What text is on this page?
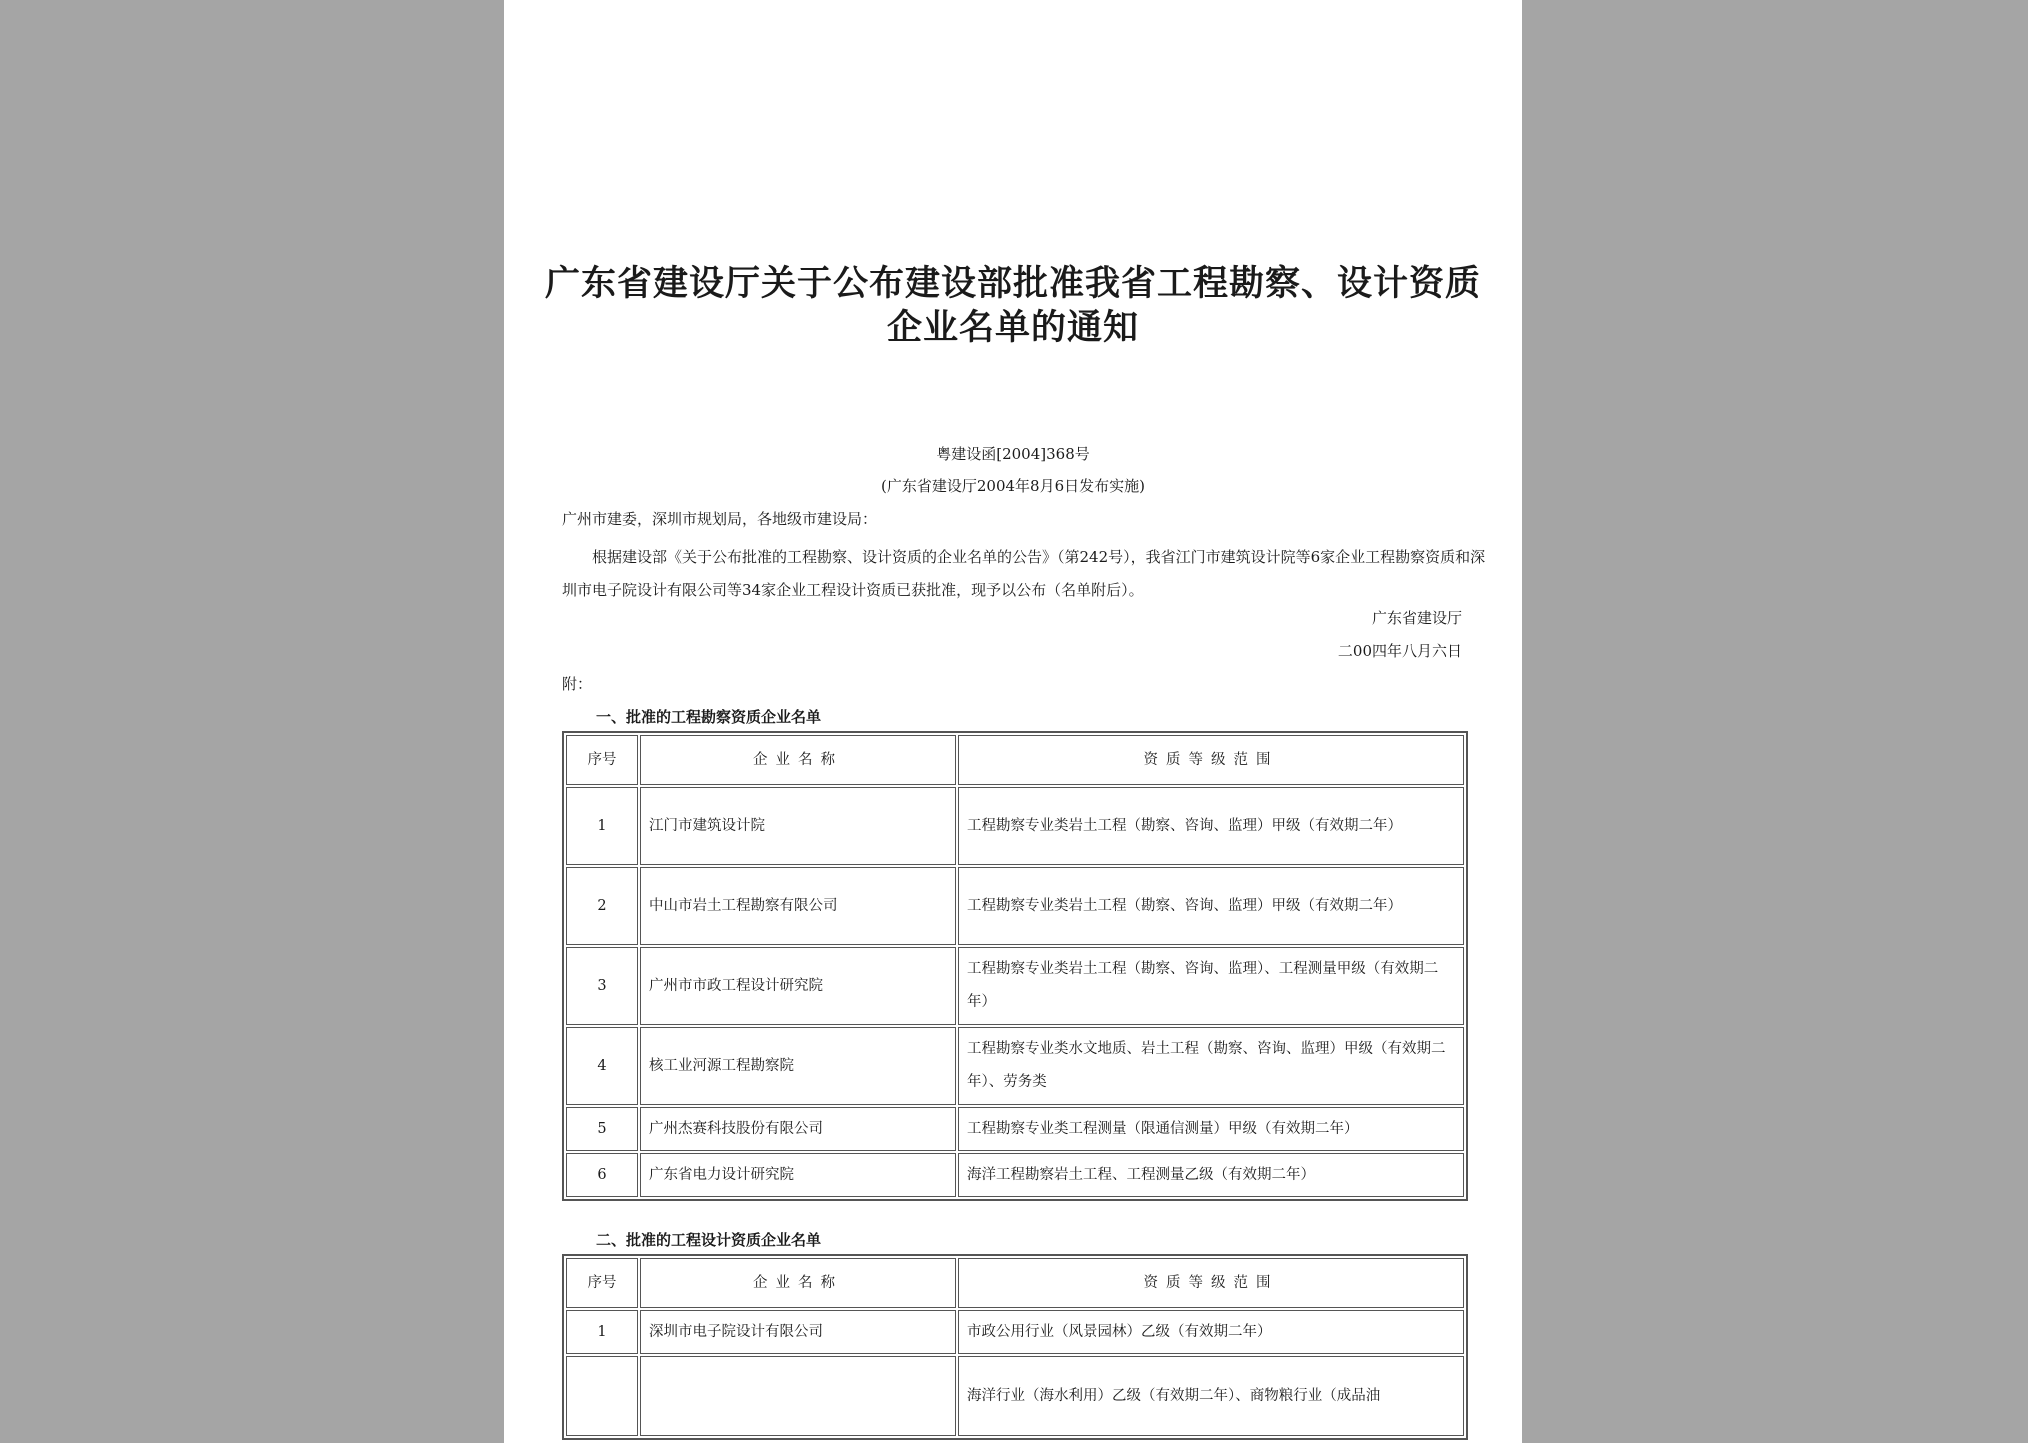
广东省建设厅关于公布建设部批准我省工程勘察、设计资质企业名单的通知

粤建设函[2004]368号

(广东省建设厅2004年8月6日发布实施)

广州市建委，深圳市规划局，各地级市建设局：

根据建设部《关于公布批准的工程勘察、设计资质的企业名单的公告》（第242号），我省江门市建筑设计院等6家企业工程勘察资质和深圳市电子院设计有限公司等34家企业工程设计资质已获批准，现予以公布（名单附后）。

广东省建设厅

二00四年八月六日

附：

一、批准的工程勘察资质企业名单

序号	企业名称	资质等级范围
1	江门市建筑设计院	工程勘察专业类岩土工程（勘察、咨询、监理）甲级（有效期二年）
2	中山市岩土工程勘察有限公司	工程勘察专业类岩土工程（勘察、咨询、监理）甲级（有效期二年）
3	广州市市政工程设计研究院	工程勘察专业类岩土工程（勘察、咨询、监理）、工程测量甲级（有效期二年）
4	核工业河源工程勘察院	工程勘察专业类水文地质、岩土工程（勘察、咨询、监理）甲级（有效期二年）、劳务类
5	广州杰赛科技股份有限公司	工程勘察专业类工程测量（限通信测量）甲级（有效期二年）
6	广东省电力设计研究院	海洋工程勘察岩土工程、工程测量乙级（有效期二年）

二、批准的工程设计资质企业名单

序号	企业名称	资质等级范围
1	深圳市电子院设计有限公司	市政公用行业（风景园林）乙级（有效期二年）
		海洋行业（海水利用）乙级（有效期二年）、商物粮行业（成品油
